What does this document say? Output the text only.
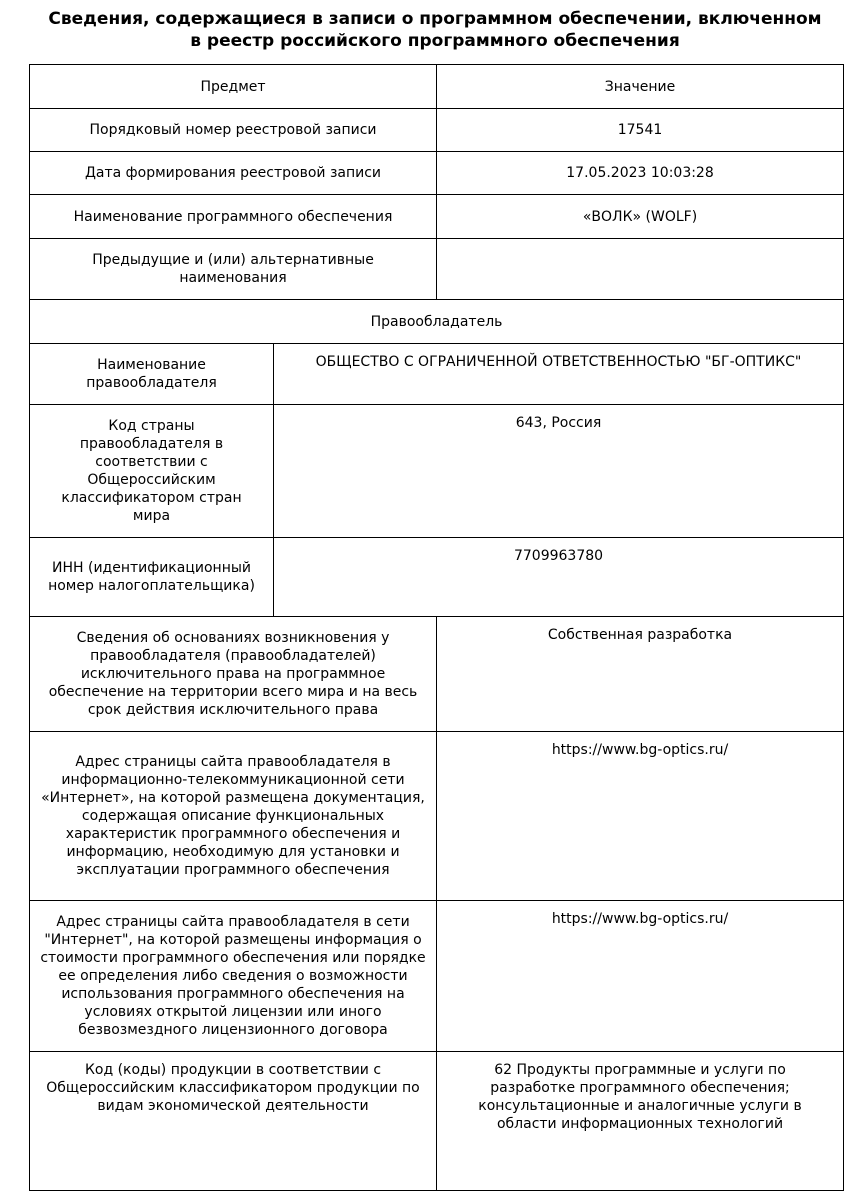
Сведения, содержащиеся в записи о программном обеспечении, включенном
в реестр российского программного обеспечения
Предмет		Значение
Порядковый номер реестровой записи		17541
Дата формирования реестровой записи		17.05.2023 10:03:28
Наименование программного обеспечения		«ВОЛК» (WOLF)
Предыдущие и (или) альтернативные наименования		
Правообладатель		
Наименование правообладателя	ОБЩЕСТВО С ОГРАНИЧЕННОЙ ОТВЕТСТВЕННОСТЬЮ "БГ-ОПТИКС"	
Код страны правообладателя в соответствии с Общероссийским классификатором стран мира	643, Россия	
ИНН (идентификационный номер налогоплательщика)	7709963780	
Сведения об основаниях возникновения у правообладателя (правообладателей) исключительного права на программное обеспечение на территории всего мира и на весь срок действия исключительного права		Собственная разработка
Адрес страницы сайта правообладателя в информационно-телекоммуникационной сети «Интернет», на которой размещена документация, содержащая описание функциональных характеристик программного обеспечения и информацию, необходимую для установки и эксплуатации программного обеспечения		https://www.bg-optics.ru/
Адрес страницы сайта правообладателя в сети "Интернет", на которой размещены информация о стоимости программного обеспечения или порядке ее определения либо сведения о возможности использования программного обеспечения на условиях открытой лицензии или иного безвозмездного лицензионного договора		https://www.bg-optics.ru/
Код (коды) продукции в соответствии с Общероссийским классификатором продукции по видам экономической деятельности		62 Продукты программные и услуги по разработке программного обеспечения; консультационные и аналогичные услуги в области информационных технологий
